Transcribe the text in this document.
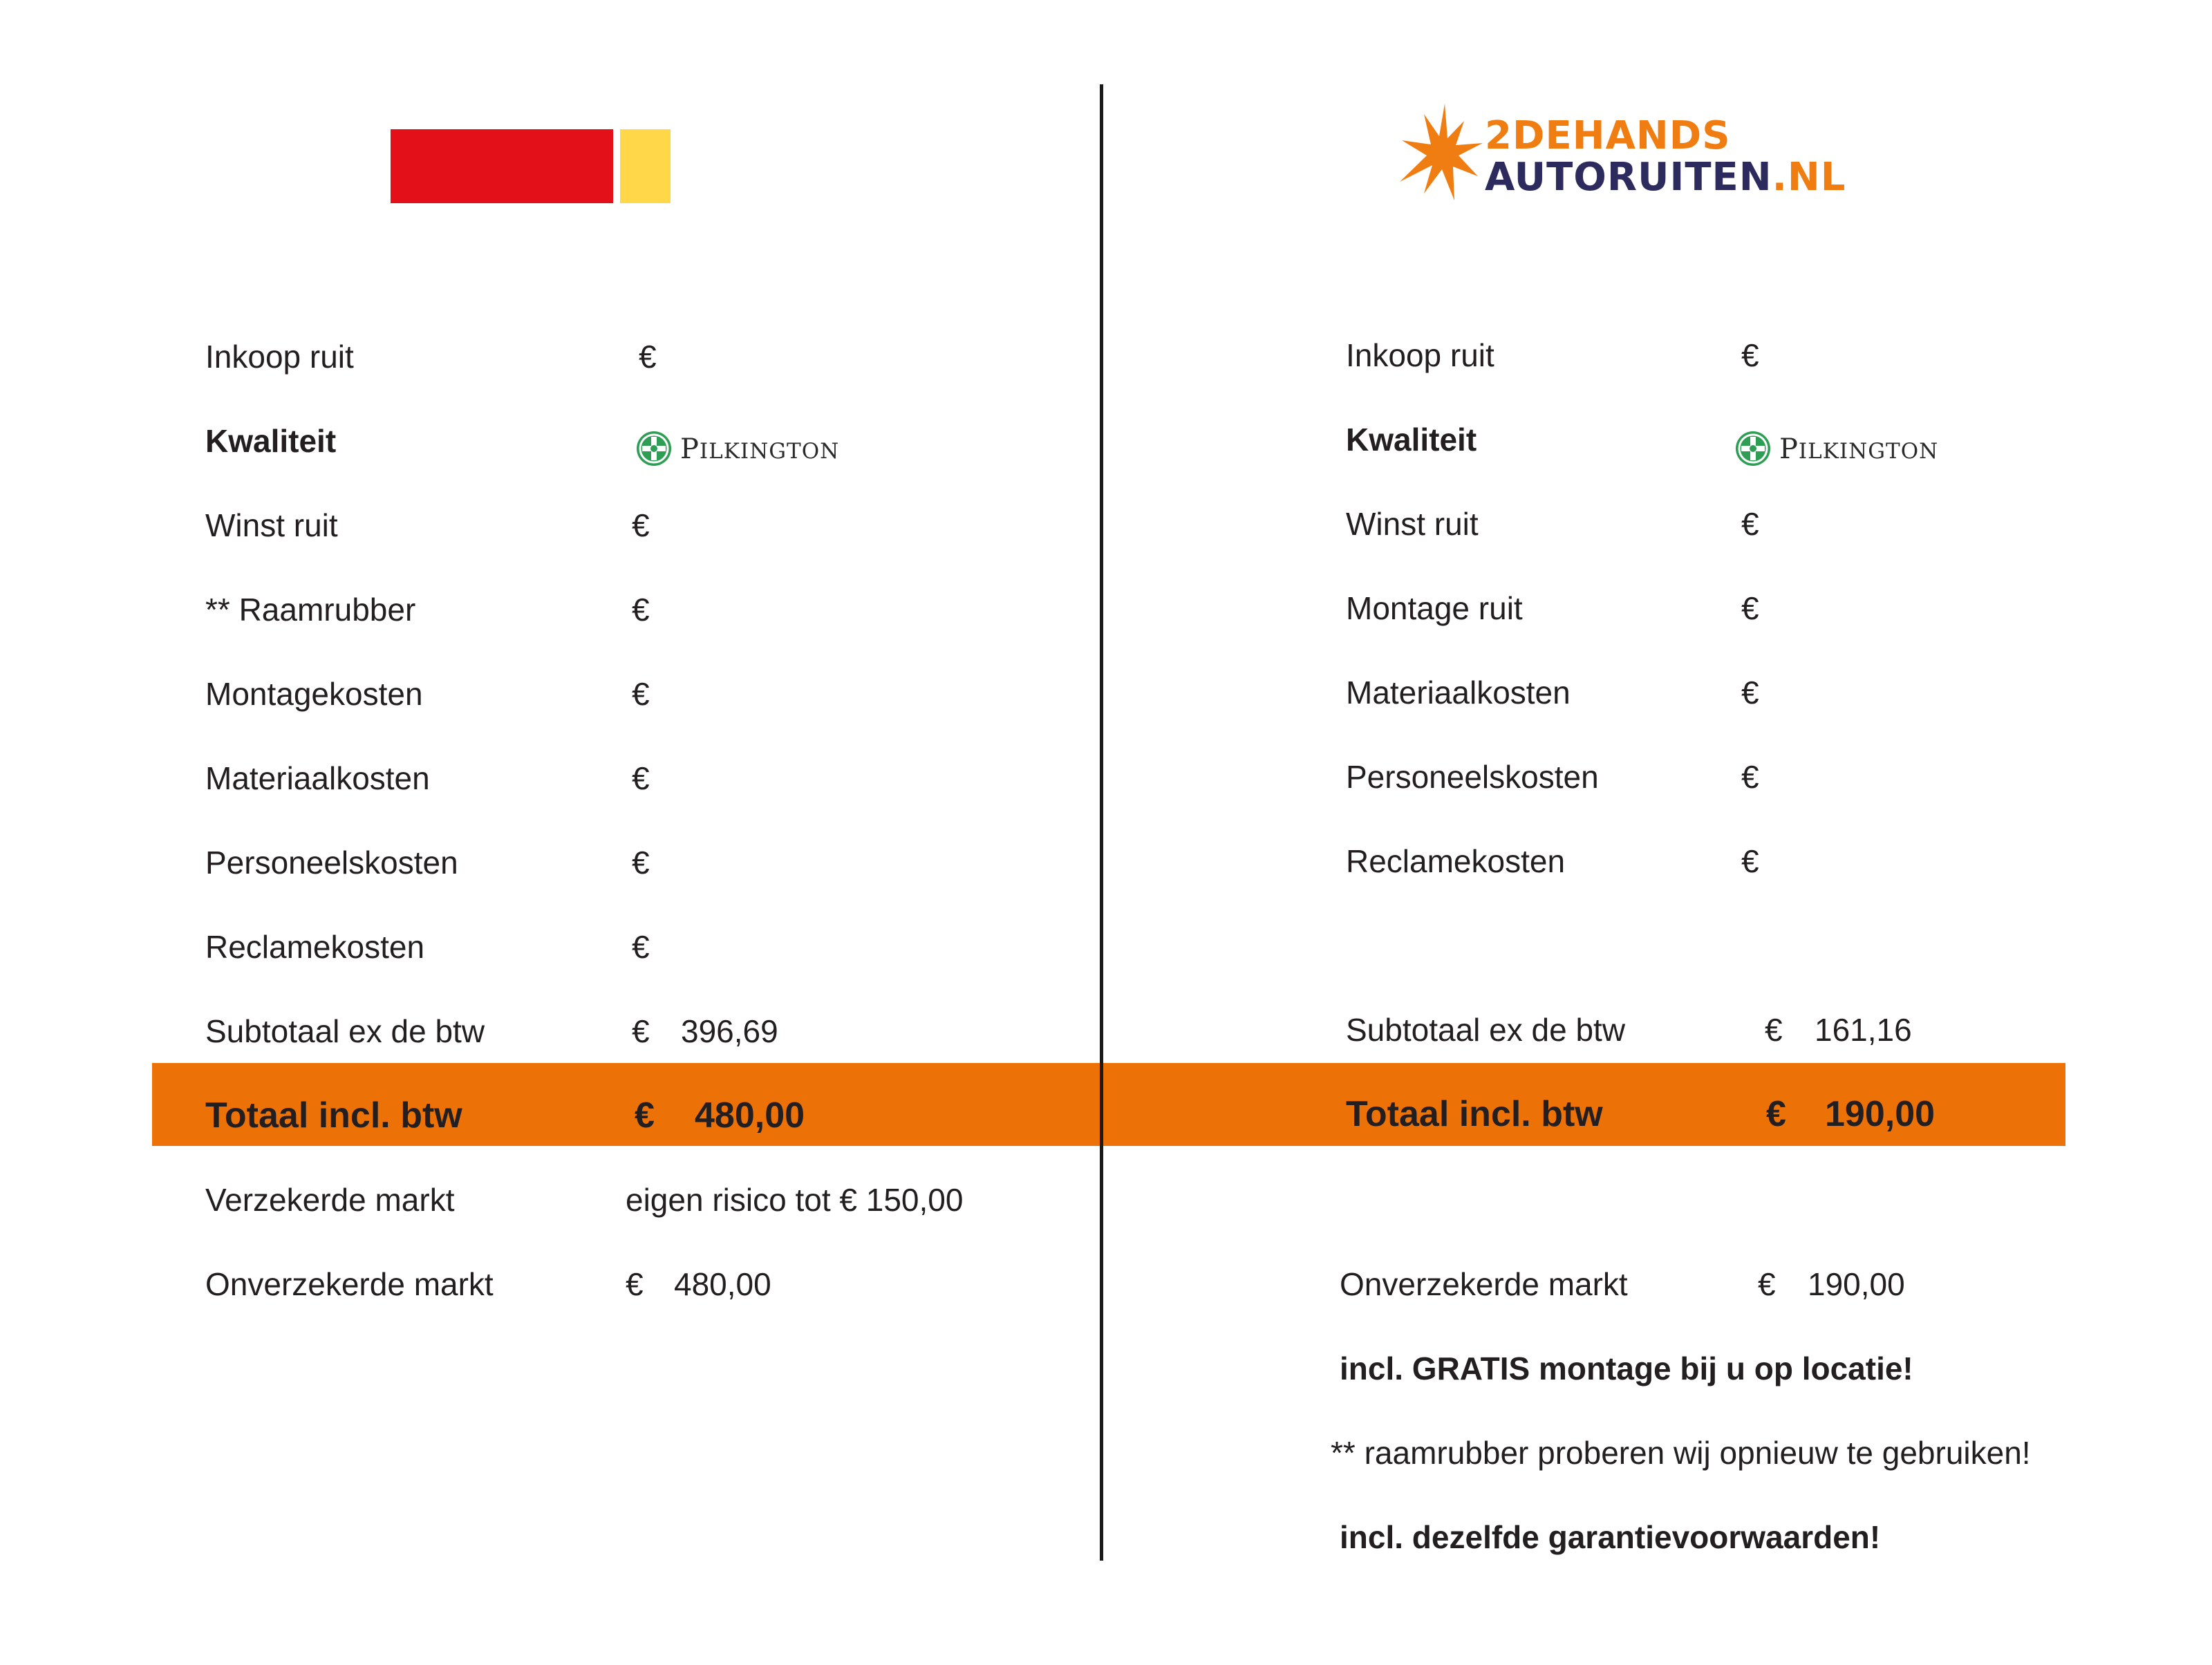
2DEHANDS
AUTORUITEN.NL
Inkoop ruit	€
Kwaliteit	PILKINGTON
Winst ruit	€
** Raamrubber	€
Montagekosten	€
Materiaalkosten	€
Personeelskosten	€
Reclamekosten	€
Subtotaal ex de btw	€ 396,69
Totaal incl. btw	€ 480,00
Verzekerde markt	eigen risico tot € 150,00
Onverzekerde markt	€ 480,00
Inkoop ruit	€
Kwaliteit	PILKINGTON
Winst ruit	€
Montage ruit	€
Materiaalkosten	€
Personeelskosten	€
Reclamekosten	€
Subtotaal ex de btw	€ 161,16
Totaal incl. btw	€ 190,00
Onverzekerde markt	€ 190,00
incl. GRATIS montage bij u op locatie!
** raamrubber proberen wij opnieuw te gebruiken!
incl. dezelfde garantievoorwaarden!
